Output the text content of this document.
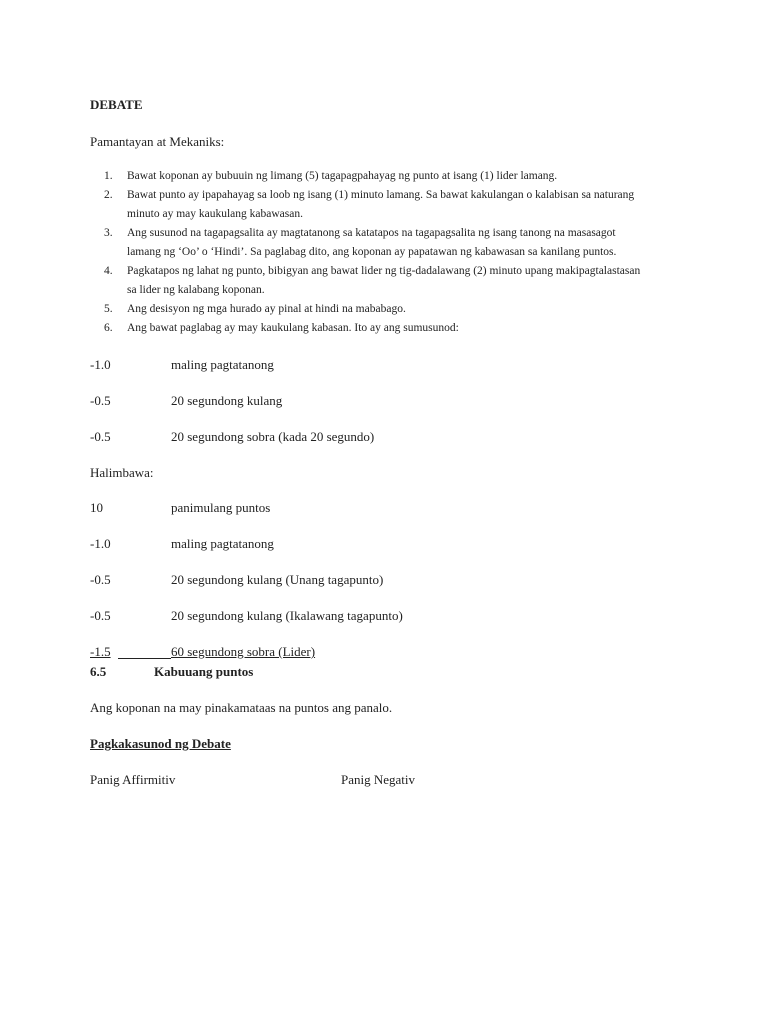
DEBATE
Pamantayan at Mekaniks:
1. Bawat koponan ay bubuuin ng limang (5) tagapagpahayag ng punto at isang (1) lider lamang.
2. Bawat punto ay ipapahayag sa loob ng isang (1) minuto lamang. Sa bawat kakulangan o kalabisan sa naturang minuto ay may kaukulang kabawasan.
3. Ang susunod na tagapagsalita ay magtatanong sa katatapos na tagapagsalita ng isang tanong na masasagot lamang ng ‘Oo’ o ‘Hindi’. Sa paglabag dito, ang koponan ay papatawan ng kabawasan sa kanilang puntos.
4. Pagkatapos ng lahat ng punto, bibigyan ang bawat lider ng tig-dadalawang (2) minuto upang makipagtalastasan sa lider ng kalabang koponan.
5. Ang desisyon ng mga hurado ay pinal at hindi na mababago.
6. Ang bawat paglabag ay may kaukulang kabasan. Ito ay ang sumusunod:
-1.0	maling pagtatanong
-0.5	20 segundong kulang
-0.5	20 segundong sobra (kada 20 segundo)
Halimbawa:
10	panimulang puntos
-1.0	maling pagtatanong
-0.5	20 segundong kulang (Unang tagapunto)
-0.5	20 segundong kulang (Ikalawang tagapunto)
-1.5	60 segundong sobra (Lider)
6.5	Kabuuang puntos
Ang koponan na may pinakamataas na puntos ang panalo.
Pagkakasunod ng Debate
Panig Affirmitiv	Panig Negativ
